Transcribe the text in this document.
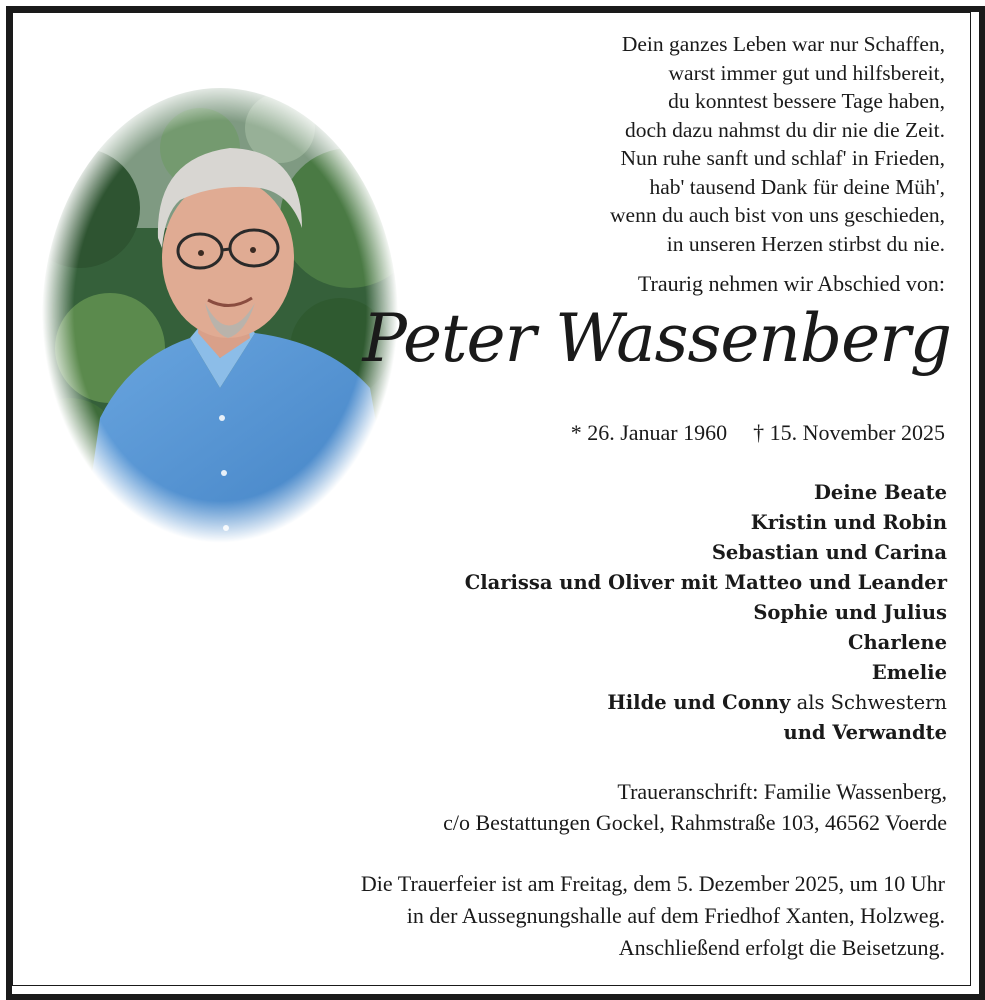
Dein ganzes Leben war nur Schaffen,
warst immer gut und hilfsbereit,
du konntest bessere Tage haben,
doch dazu nahmst du dir nie die Zeit.
Nun ruhe sanft und schlaf' in Frieden,
hab' tausend Dank für deine Müh',
wenn du auch bist von uns geschieden,
in unseren Herzen stirbst du nie.
Traurig nehmen wir Abschied von:
Peter Wassenberg
* 26. Januar 1960 † 15. November 2025
Deine Beate
Kristin und Robin
Sebastian und Carina
Clarissa und Oliver mit Matteo und Leander
Sophie und Julius
Charlene
Emelie
Hilde und Conny als Schwestern
und Verwandte
Traueranschrift: Familie Wassenberg,
c/o Bestattungen Gockel, Rahmstraße 103, 46562 Voerde
Die Trauerfeier ist am Freitag, dem 5. Dezember 2025, um 10 Uhr
in der Aussegnungshalle auf dem Friedhof Xanten, Holzweg.
Anschließend erfolgt die Beisetzung.
